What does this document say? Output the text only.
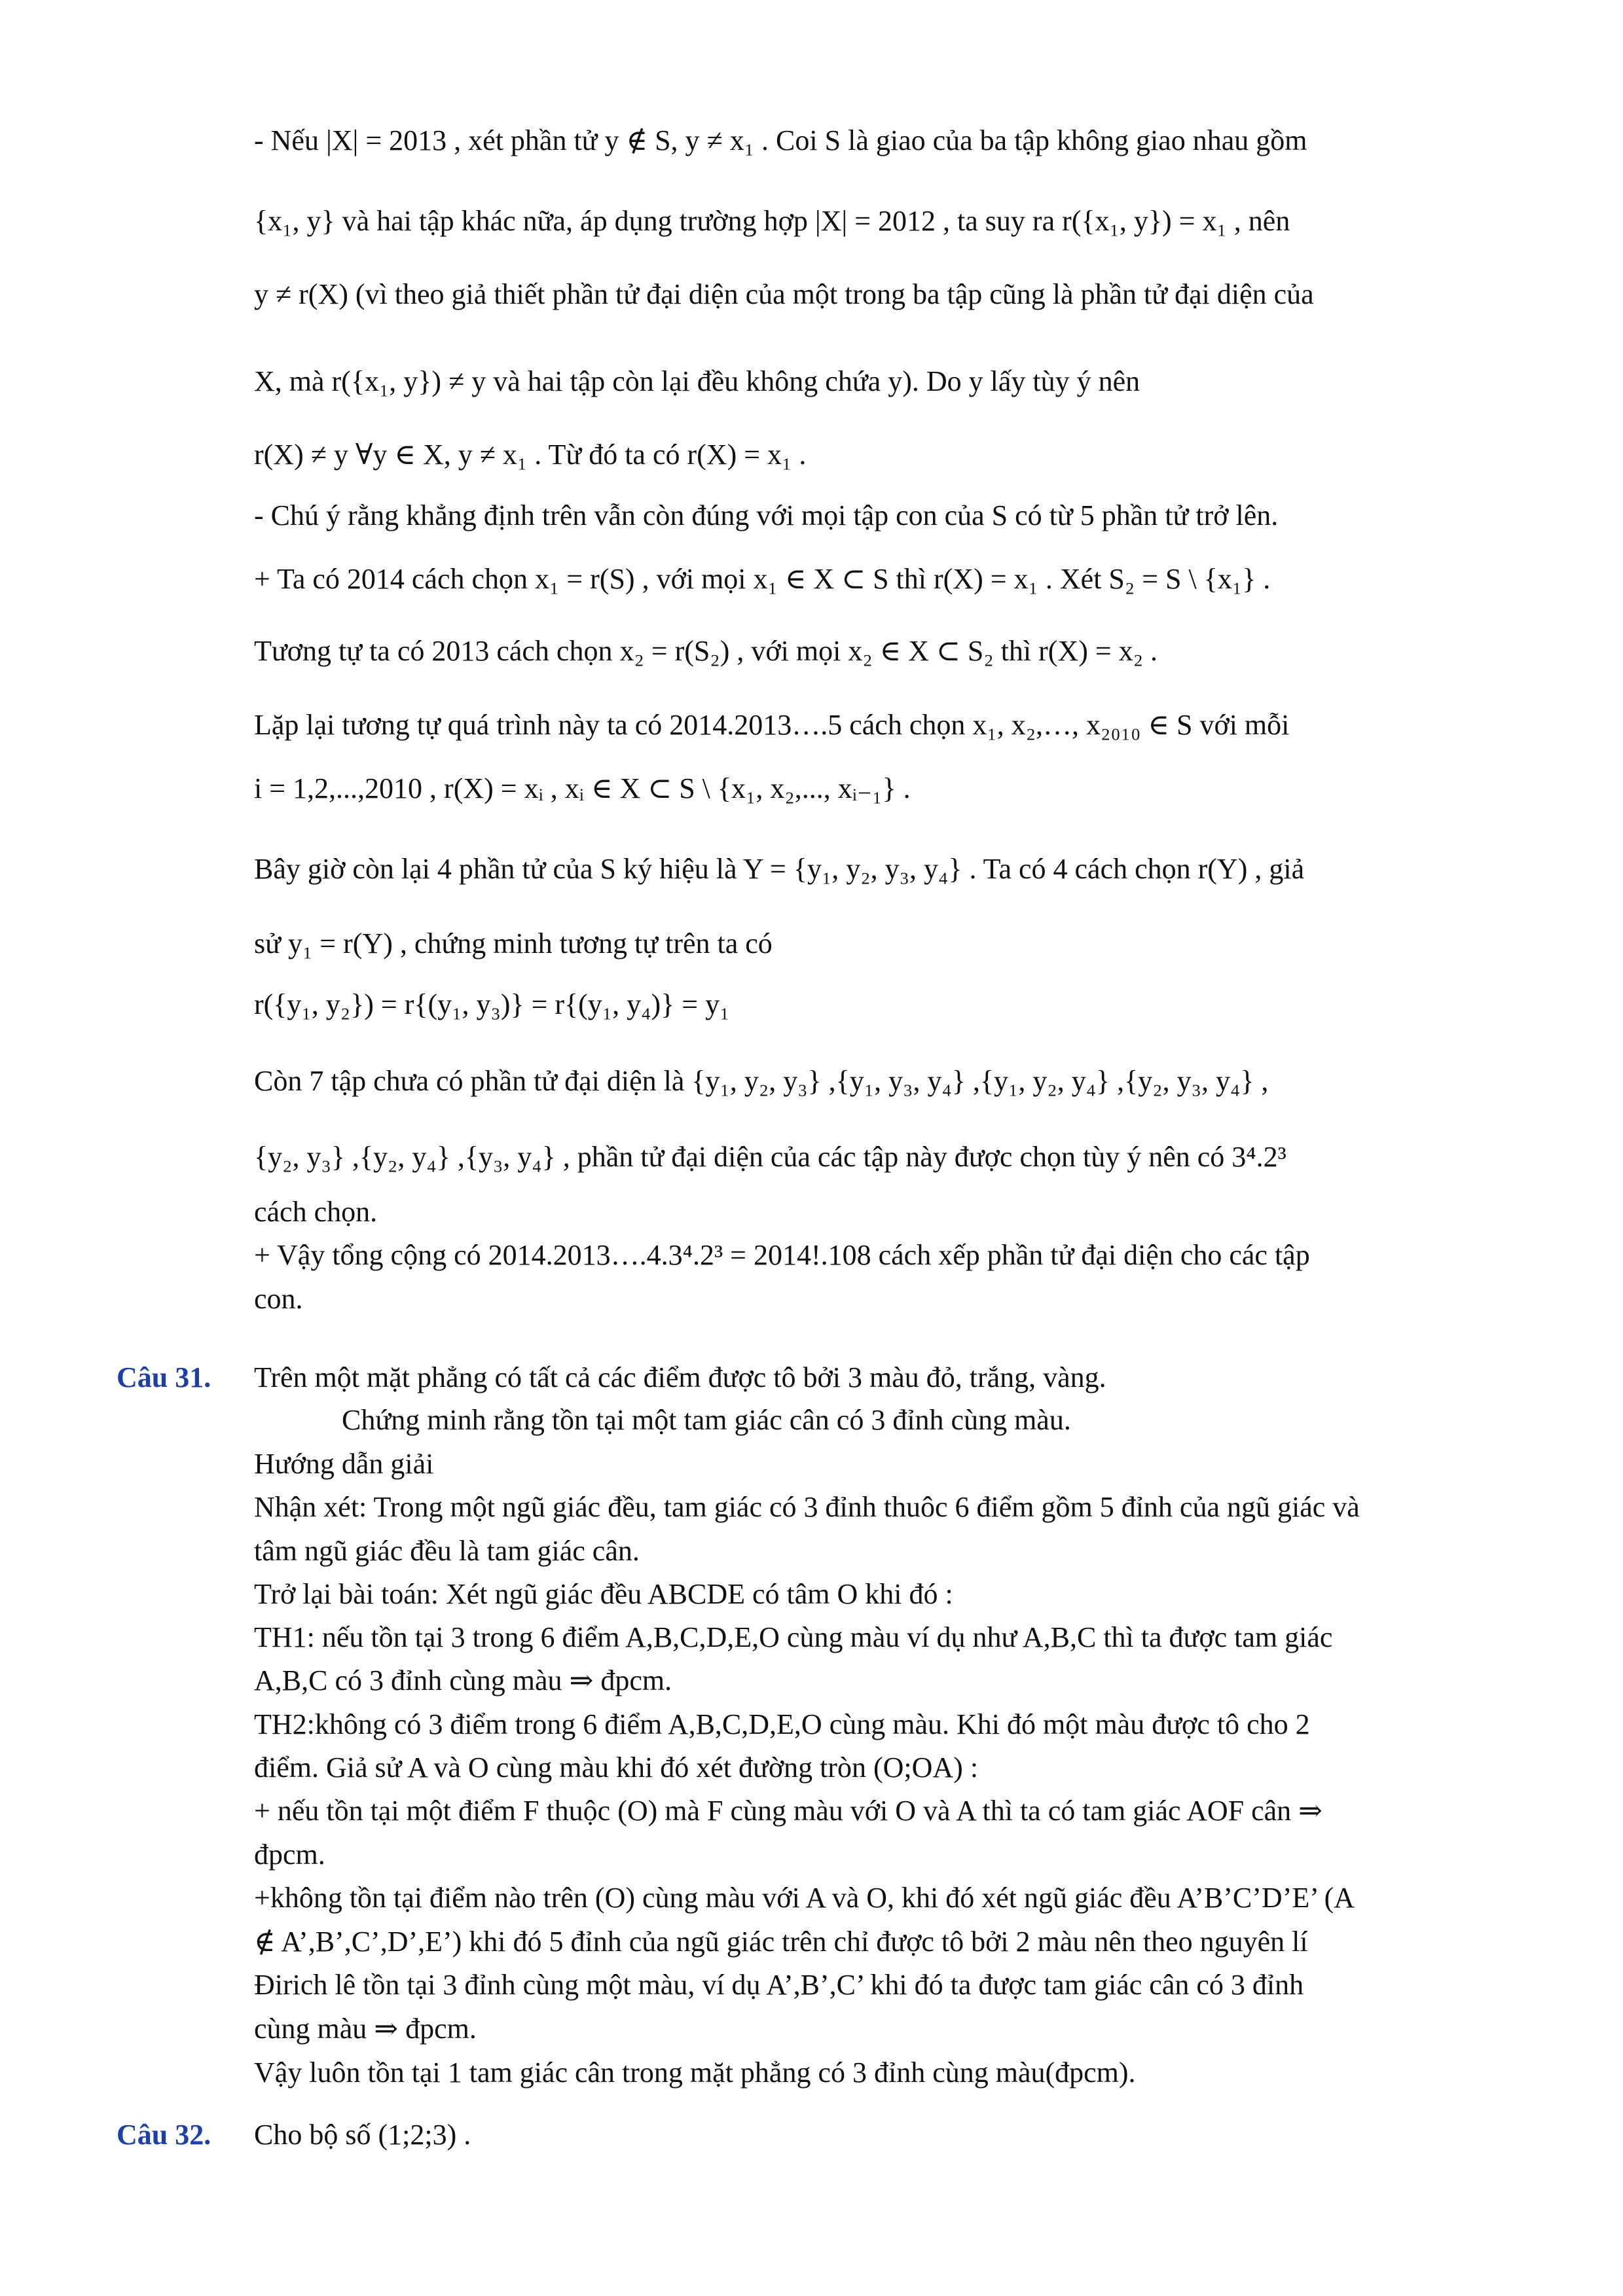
- Nếu |X| = 2013 , xét phần tử y ∉ S, y ≠ x₁ . Coi S là giao của ba tập không giao nhau gồm
{x₁, y} và hai tập khác nữa, áp dụng trường hợp |X| = 2012 , ta suy ra r({x₁, y}) = x₁ , nên
y ≠ r(X) (vì theo giả thiết phần tử đại diện của một trong ba tập cũng là phần tử đại diện của
X, mà r({x₁, y}) ≠ y và hai tập còn lại đều không chứa y). Do y lấy tùy ý nên
r(X) ≠ y ∀y ∈ X, y ≠ x₁ . Từ đó ta có r(X) = x₁ .
- Chú ý rằng khẳng định trên vẫn còn đúng với mọi tập con của S có từ 5 phần tử trở lên.
+ Ta có 2014 cách chọn x₁ = r(S) , với mọi x₁ ∈ X ⊂ S thì r(X) = x₁ . Xét S₂ = S \ {x₁} .
Tương tự ta có 2013 cách chọn x₂ = r(S₂) , với mọi x₂ ∈ X ⊂ S₂ thì r(X) = x₂ .
Lặp lại tương tự quá trình này ta có 2014.2013….5 cách chọn x₁, x₂,…, x₂₀₁₀ ∈ S với mỗi
i = 1,2,...,2010 , r(X) = xᵢ , xᵢ ∈ X ⊂ S \ {x₁, x₂,..., xᵢ₋₁} .
Bây giờ còn lại 4 phần tử của S ký hiệu là Y = {y₁, y₂, y₃, y₄} . Ta có 4 cách chọn r(Y) , giả
sử y₁ = r(Y) , chứng minh tương tự trên ta có
r({y₁, y₂}) = r{(y₁, y₃)} = r{(y₁, y₄)} = y₁
Còn 7 tập chưa có phần tử đại diện là {y₁, y₂, y₃} ,{y₁, y₃, y₄} ,{y₁, y₂, y₄} ,{y₂, y₃, y₄} ,
{y₂, y₃} ,{y₂, y₄} ,{y₃, y₄} , phần tử đại diện của các tập này được chọn tùy ý nên có 3⁴.2³
cách chọn.
+ Vậy tổng cộng có 2014.2013….4.3⁴.2³ = 2014!.108 cách xếp phần tử đại diện cho các tập
con.
Câu 31. Trên một mặt phẳng có tất cả các điểm được tô bởi 3 màu đỏ, trắng, vàng.
Chứng minh rằng tồn tại một tam giác cân có 3 đỉnh cùng màu.
Hướng dẫn giải
Nhận xét: Trong một ngũ giác đều, tam giác có 3 đỉnh thuôc 6 điểm gồm 5 đỉnh của ngũ giác và
tâm ngũ giác đều là tam giác cân.
Trở lại bài toán: Xét ngũ giác đều ABCDE có tâm O khi đó :
TH1: nếu tồn tại 3 trong 6 điểm A,B,C,D,E,O cùng màu ví dụ như A,B,C thì ta được tam giác
A,B,C có 3 đỉnh cùng màu ⇒ đpcm.
TH2:không có 3 điểm trong 6 điểm A,B,C,D,E,O cùng màu. Khi đó một màu được tô cho 2
điểm. Giả sử A và O cùng màu khi đó xét đường tròn (O;OA) :
+ nếu tồn tại một điểm F thuộc (O) mà F cùng màu với O và A thì ta có tam giác AOF cân ⇒
đpcm.
+không tồn tại điểm nào trên (O) cùng màu với A và O, khi đó xét ngũ giác đều A’B’C’D’E’ (A
∉ A’,B’,C’,D’,E’) khi đó 5 đỉnh của ngũ giác trên chỉ được tô bởi 2 màu nên theo nguyên lí
Đirich lê tồn tại 3 đỉnh cùng một màu, ví dụ A’,B’,C’ khi đó ta được tam giác cân có 3 đỉnh
cùng màu ⇒ đpcm.
Vậy luôn tồn tại 1 tam giác cân trong mặt phẳng có 3 đỉnh cùng màu(đpcm).
Câu 32. Cho bộ số (1;2;3) .
